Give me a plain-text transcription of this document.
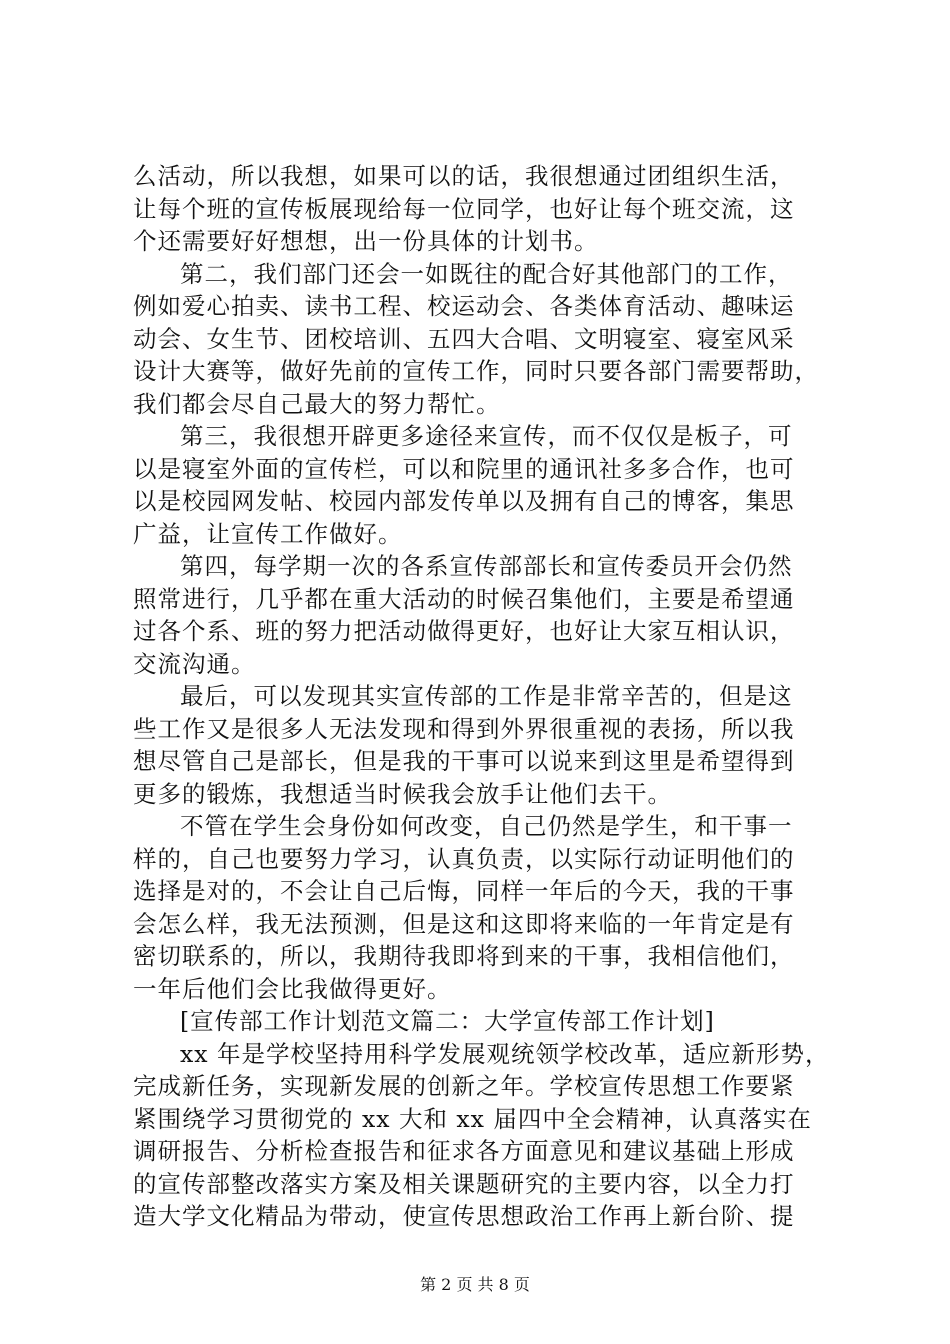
么活动，所以我想，如果可以的话，我很想通过团组织生活，
让每个班的宣传板展现给每一位同学，也好让每个班交流，这
个还需要好好想想，出一份具体的计划书。

第二，我们部门还会一如既往的配合好其他部门的工作，
例如爱心拍卖、读书工程、校运动会、各类体育活动、趣味运
动会、女生节、团校培训、五四大合唱、文明寝室、寝室风采
设计大赛等，做好先前的宣传工作，同时只要各部门需要帮助，
我们都会尽自己最大的努力帮忙。

第三，我很想开辟更多途径来宣传，而不仅仅是板子，可
以是寝室外面的宣传栏，可以和院里的通讯社多多合作，也可
以是校园网发帖、校园内部发传单以及拥有自己的博客，集思
广益，让宣传工作做好。

第四，每学期一次的各系宣传部部长和宣传委员开会仍然
照常进行，几乎都在重大活动的时候召集他们，主要是希望通
过各个系、班的努力把活动做得更好，也好让大家互相认识，
交流沟通。

最后，可以发现其实宣传部的工作是非常辛苦的，但是这
些工作又是很多人无法发现和得到外界很重视的表扬，所以我
想尽管自己是部长，但是我的干事可以说来到这里是希望得到
更多的锻炼，我想适当时候我会放手让他们去干。

不管在学生会身份如何改变，自己仍然是学生，和干事一
样的，自己也要努力学习，认真负责，以实际行动证明他们的
选择是对的，不会让自己后悔，同样一年后的今天，我的干事
会怎么样，我无法预测，但是这和这即将来临的一年肯定是有
密切联系的，所以，我期待我即将到来的干事，我相信他们，
一年后他们会比我做得更好。

[宣传部工作计划范文篇二：大学宣传部工作计划]

xx 年是学校坚持用科学发展观统领学校改革，适应新形势，
完成新任务，实现新发展的创新之年。学校宣传思想工作要紧
紧围绕学习贯彻党的 xx 大和 xx 届四中全会精神，认真落实在
调研报告、分析检查报告和征求各方面意见和建议基础上形成
的宣传部整改落实方案及相关课题研究的主要内容，以全力打
造大学文化精品为带动，使宣传思想政治工作再上新台阶、提

第 2 页 共 8 页
